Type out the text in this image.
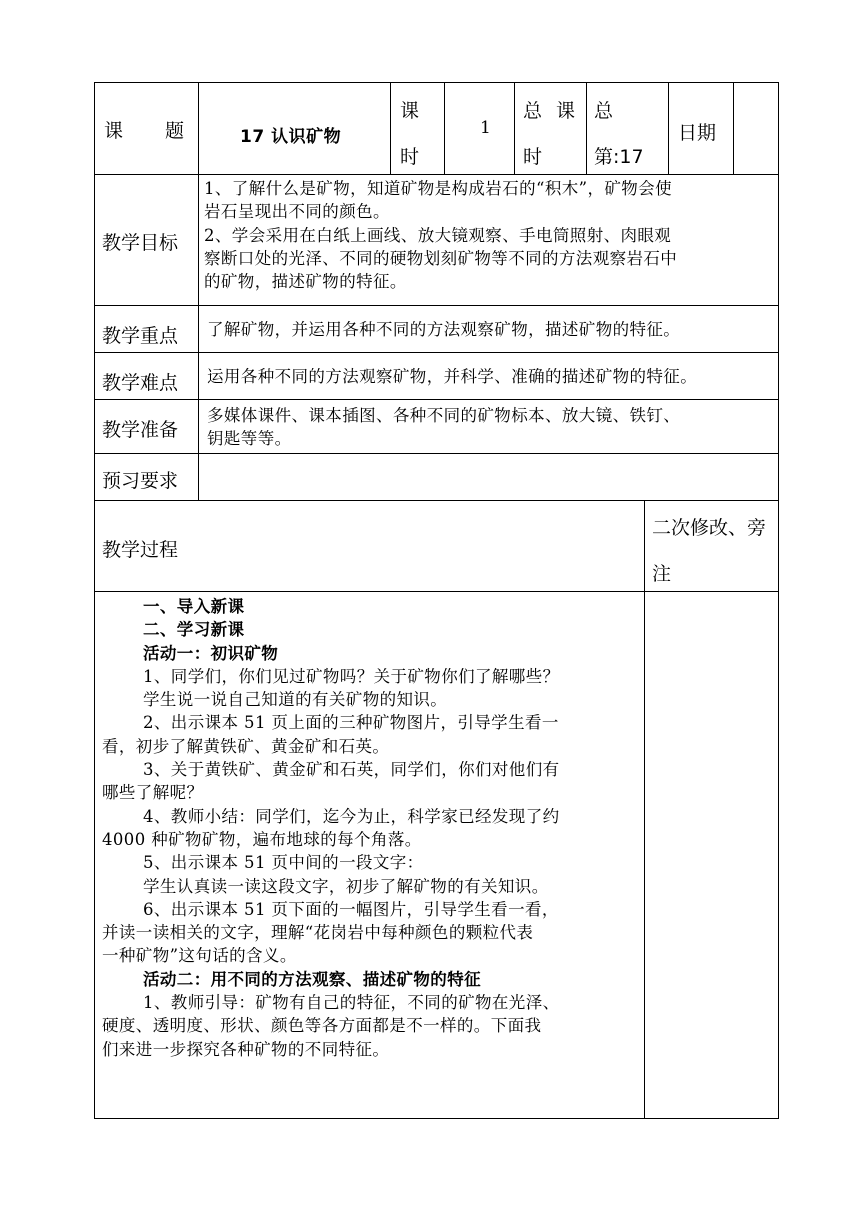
课 题	17 认识矿物
课
时
1
总 课
时
总
第:17
日期
教学目标

1、了解什么是矿物，知道矿物是构成岩石的“积木”，矿物会使

岩石呈现出不同的颜色。

2、学会采用在白纸上画线、放大镜观察、手电筒照射、肉眼观

察断口处的光泽、不同的硬物划刻矿物等不同的方法观察岩石中

的矿物，描述矿物的特征。

教学重点 了解矿物，并运用各种不同的方法观察矿物，描述矿物的特征。
教学难点 运用各种不同的方法观察矿物，并科学、准确的描述矿物的特征。
教学准备

多媒体课件、课本插图、各种不同的矿物标本、放大镜、铁钉、

钥匙等等。

预习要求
教学过程
二次修改、旁
注

一、导入新课

二、学习新课

活动一：初识矿物

1、同学们，你们见过矿物吗？关于矿物你们了解哪些？

学生说一说自己知道的有关矿物的知识。

2、出示课本 51 页上面的三种矿物图片，引导学生看一

看，初步了解黄铁矿、黄金矿和石英。

3、关于黄铁矿、黄金矿和石英，同学们，你们对他们有

哪些了解呢？

4、教师小结：同学们，迄今为止，科学家已经发现了约

4000 种矿物矿物，遍布地球的每个角落。

5、出示课本 51 页中间的一段文字：

学生认真读一读这段文字，初步了解矿物的有关知识。

6、出示课本 51 页下面的一幅图片，引导学生看一看，

并读一读相关的文字，理解“花岗岩中每种颜色的颗粒代表

一种矿物”这句话的含义。

活动二：用不同的方法观察、描述矿物的特征

1、教师引导：矿物有自己的特征，不同的矿物在光泽、

硬度、透明度、形状、颜色等各方面都是不一样的。下面我

们来进一步探究各种矿物的不同特征。
